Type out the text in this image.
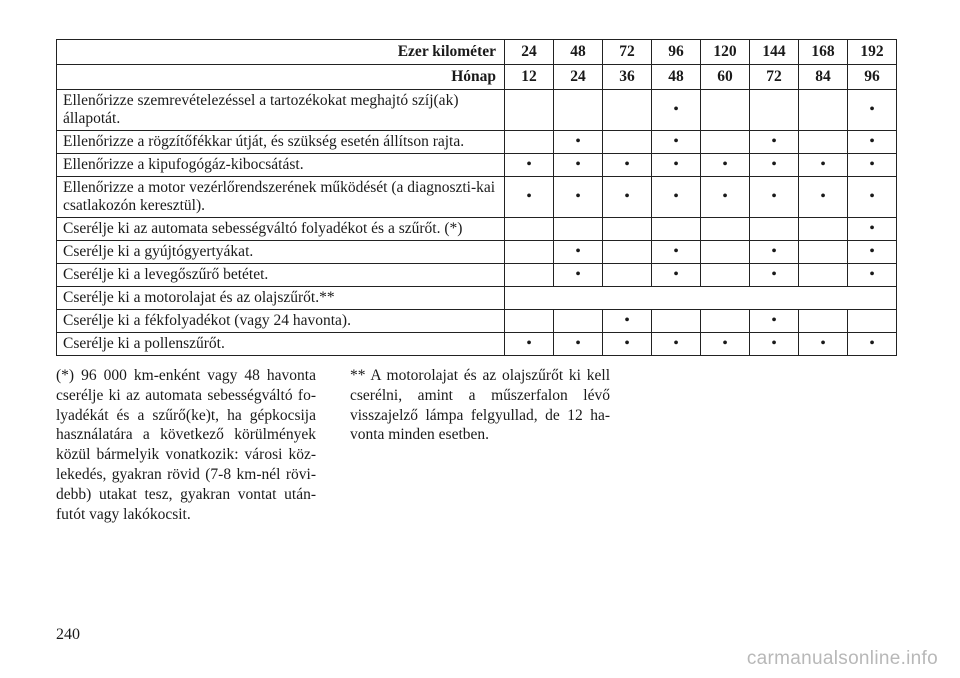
Ezer kilométer	24	48	72	96	120	144	168	192
Hónap	12	24	36	48	60	72	84	96
Ellenőrizze szemrevételezéssel a tartozékokat meghajtó szíj(ak) állapotát.				•				•
Ellenőrizze a rögzítőfékkar útját, és szükség esetén állítson rajta.		•		•		•		•
Ellenőrizze a kipufogógáz-kibocsátást.	•	•	•	•	•	•	•	•
Ellenőrizze a motor vezérlőrendszerének működését (a diagnoszti-kai csatlakozón keresztül).	•	•	•	•	•	•	•	•
Cserélje ki az automata sebességváltó folyadékot és a szűrőt. (*)								•
Cserélje ki a gyújtógyertyákat.		•		•		•		•
Cserélje ki a levegőszűrő betétet.		•		•		•		•
Cserélje ki a motorolajat és az olajszűrőt.**								
Cserélje ki a fékfolyadékot (vagy 24 havonta).			•			•		
Cserélje ki a pollenszűrőt.	•	•	•	•	•	•	•	•
(*) 96 000 km-enként vagy 48 havonta cserélje ki az automata sebességváltó fo-lyadékát és a szűrő(ke)t, ha gépkocsija használatára a következő körülmények közül bármelyik vonatkozik: városi köz-lekedés, gyakran rövid (7-8 km-nél rövi-debb) utakat tesz, gyakran vontat után-futót vagy lakókocsit.
** A motorolajat és az olajszűrőt ki kell cserélni, amint a műszerfalon lévő visszajelző lámpa felgyullad, de 12 ha-vonta minden esetben.
240
carmanualsonline.info
